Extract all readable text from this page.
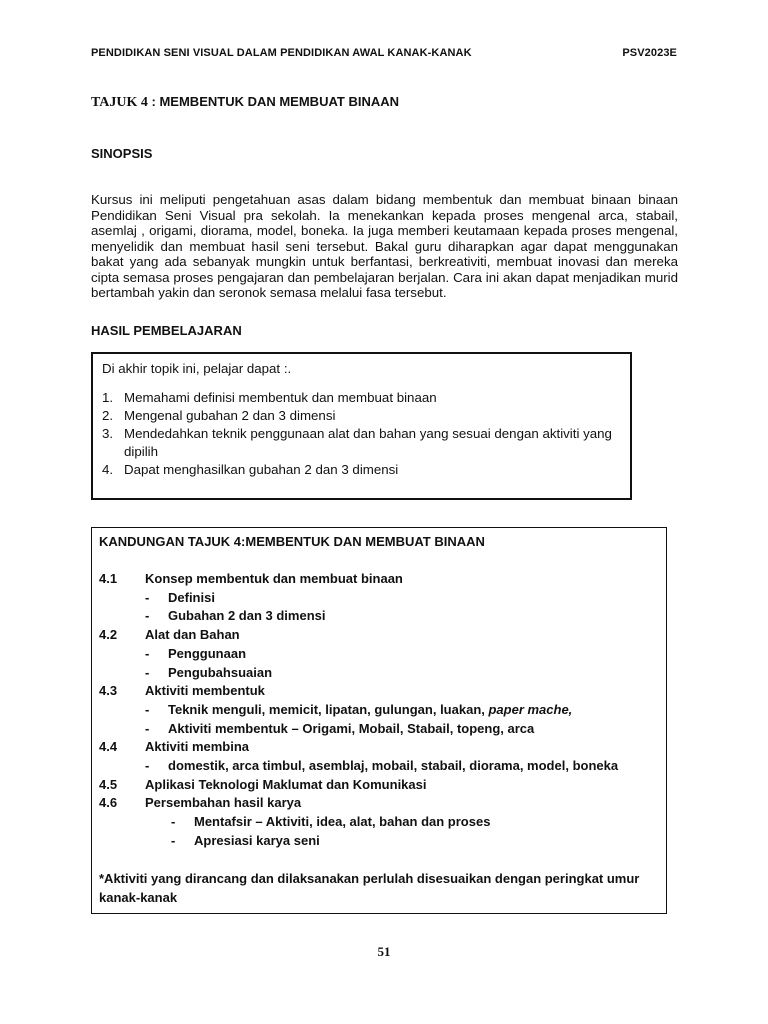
PENDIDIKAN SENI VISUAL DALAM PENDIDIKAN AWAL KANAK-KANAK	PSV2023E
TAJUK 4 : MEMBENTUK DAN MEMBUAT BINAAN
SINOPSIS

Kursus ini meliputi pengetahuan asas dalam bidang membentuk dan membuat binaan binaan Pendidikan Seni Visual pra sekolah. Ia menekankan kepada proses mengenal arca, stabail, asemlaj , origami, diorama, model, boneka. Ia juga memberi keutamaan kepada proses mengenal, menyelidik dan membuat hasil seni tersebut. Bakal guru diharapkan agar dapat menggunakan bakat yang ada sebanyak mungkin untuk berfantasi, berkreativiti, membuat inovasi dan mereka cipta semasa proses pengajaran dan pembelajaran berjalan. Cara ini akan dapat menjadikan murid bertambah yakin dan seronok semasa melalui fasa tersebut.

HASIL PEMBELAJARAN

Di akhir topik ini, pelajar dapat :.

1. Memahami definisi membentuk dan membuat binaan
2. Mengenal gubahan 2 dan 3 dimensi
3. Mendedahkan teknik penggunaan alat dan bahan yang sesuai dengan aktiviti yang dipilih
4. Dapat menghasilkan gubahan 2 dan 3 dimensi
KANDUNGAN TAJUK 4:MEMBENTUK DAN MEMBUAT BINAAN
4.1	Konsep membentuk dan membuat binaan
-	Definisi
-	Gubahan 2 dan 3 dimensi
4.2	Alat dan Bahan
-	Penggunaan
-	Pengubahsuaian
4.3	Aktiviti membentuk
-	Teknik menguli, memicit, lipatan, gulungan, luakan, paper mache,
-	Aktiviti membentuk – Origami, Mobail, Stabail, topeng, arca
4.4	Aktiviti membina
-	domestik, arca timbul, asemblaj, mobail, stabail, diorama, model, boneka
4.5	Aplikasi Teknologi Maklumat dan Komunikasi
4.6	Persembahan hasil karya
-	Mentafsir – Aktiviti, idea, alat, bahan dan proses
-	Apresiasi karya seni
*Aktiviti yang dirancang dan dilaksanakan perlulah disesuaikan dengan peringkat umur kanak-kanak
51
